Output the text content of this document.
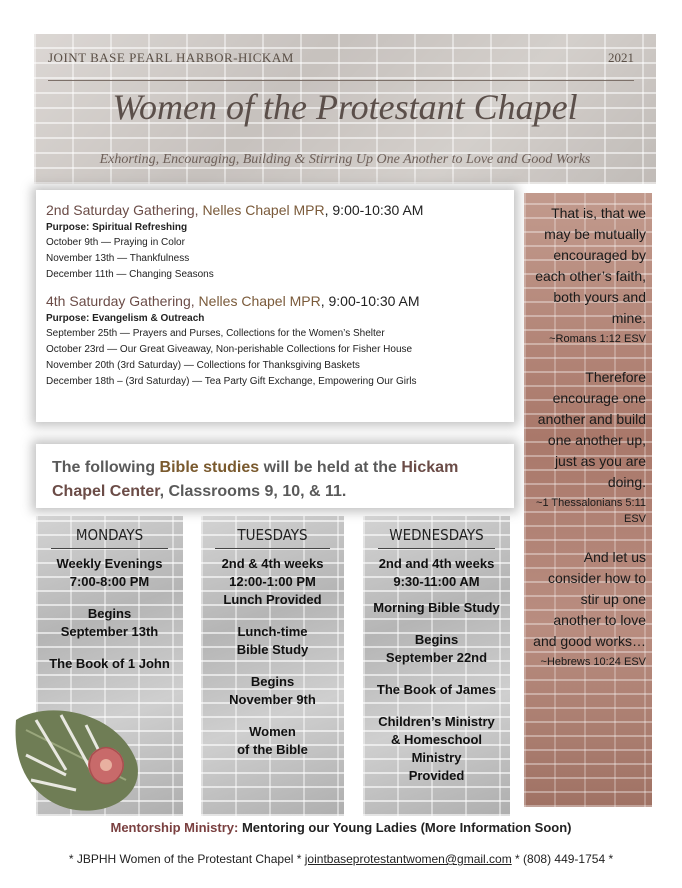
JOINT BASE PEARL HARBOR-HICKAM	2021
Women of the Protestant Chapel
Exhorting, Encouraging, Building & Stirring Up One Another to Love and Good Works
2nd Saturday Gathering, Nelles Chapel MPR, 9:00-10:30 AM
Purpose: Spiritual Refreshing
October 9th — Praying in Color
November 13th — Thankfulness
December 11th — Changing Seasons
4th Saturday Gathering, Nelles Chapel MPR, 9:00-10:30 AM
Purpose: Evangelism & Outreach
September 25th — Prayers and Purses, Collections for the Women’s Shelter
October 23rd — Our Great Giveaway, Non-perishable Collections for Fisher House
November 20th (3rd Saturday) — Collections for Thanksgiving Baskets
December 18th – (3rd Saturday) — Tea Party Gift Exchange, Empowering Our Girls
The following Bible studies will be held at the Hickam Chapel Center, Classrooms 9, 10, & 11.
MONDAYS
Weekly Evenings
7:00-8:00 PM
Begins
September 13th
The Book of 1 John
TUESDAYS
2nd & 4th weeks
12:00-1:00 PM
Lunch Provided
Lunch-time
Bible Study
Begins
November 9th
Women
of the Bible
WEDNESDAYS
2nd and 4th weeks
9:30-11:00 AM
Morning Bible Study
Begins
September 22nd
The Book of James
Children’s Ministry
& Homeschool
Ministry
Provided
That is, that we may be mutually encouraged by each other’s faith, both yours and mine.
~Romans 1:12 ESV
Therefore encourage one another and build one another up, just as you are doing.
~1 Thessalonians 5:11 ESV
And let us consider how to stir up one another to love and good works…
~Hebrews 10:24 ESV
Mentorship Ministry: Mentoring our Young Ladies (More Information Soon)
* JBPHH Women of the Protestant Chapel * jointbaseprotestantwomen@gmail.com * (808) 449-1754 *
